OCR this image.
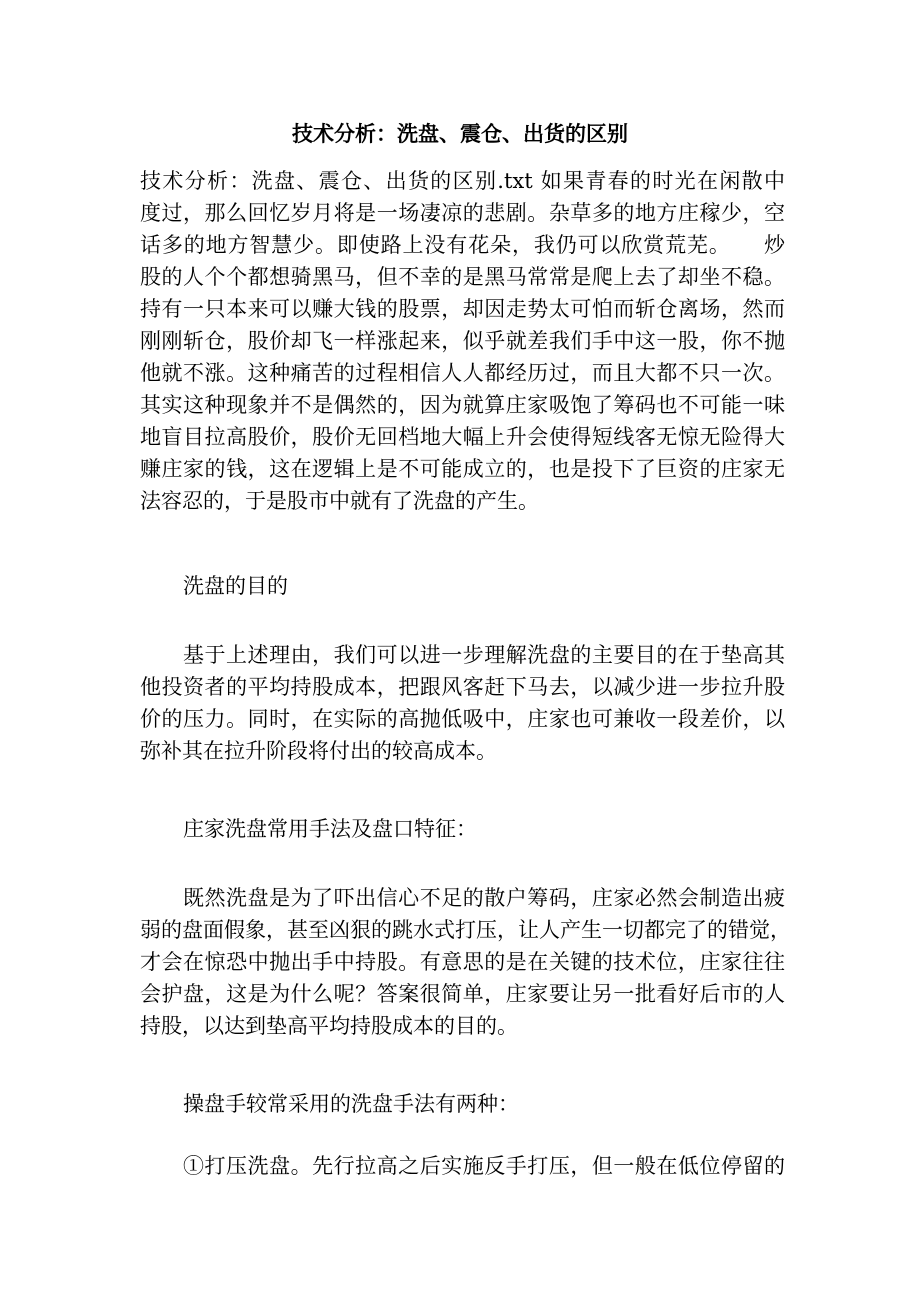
技术分析：洗盘、震仓、出货的区别
技术分析：洗盘、震仓、出货的区别.txt 如果青春的时光在闲散中
度过，那么回忆岁月将是一场凄凉的悲剧。杂草多的地方庄稼少，空
话多的地方智慧少。即使路上没有花朵，我仍可以欣赏荒芜。　　炒
股的人个个都想骑黑马，但不幸的是黑马常常是爬上去了却坐不稳。
持有一只本来可以赚大钱的股票，却因走势太可怕而斩仓离场，然而
刚刚斩仓，股价却飞一样涨起来，似乎就差我们手中这一股，你不抛
他就不涨。这种痛苦的过程相信人人都经历过，而且大都不只一次。
其实这种现象并不是偶然的，因为就算庄家吸饱了筹码也不可能一味
地盲目拉高股价，股价无回档地大幅上升会使得短线客无惊无险得大
赚庄家的钱，这在逻辑上是不可能成立的，也是投下了巨资的庄家无
法容忍的，于是股市中就有了洗盘的产生。
洗盘的目的
基于上述理由，我们可以进一步理解洗盘的主要目的在于垫高其
他投资者的平均持股成本，把跟风客赶下马去，以减少进一步拉升股
价的压力。同时，在实际的高抛低吸中，庄家也可兼收一段差价，以
弥补其在拉升阶段将付出的较高成本。
庄家洗盘常用手法及盘口特征：
既然洗盘是为了吓出信心不足的散户筹码，庄家必然会制造出疲
弱的盘面假象，甚至凶狠的跳水式打压，让人产生一切都完了的错觉，
才会在惊恐中抛出手中持股。有意思的是在关键的技术位，庄家往往
会护盘，这是为什么呢？答案很简单，庄家要让另一批看好后市的人
持股，以达到垫高平均持股成本的目的。
操盘手较常采用的洗盘手法有两种：
①打压洗盘。先行拉高之后实施反手打压，但一般在低位停留的
